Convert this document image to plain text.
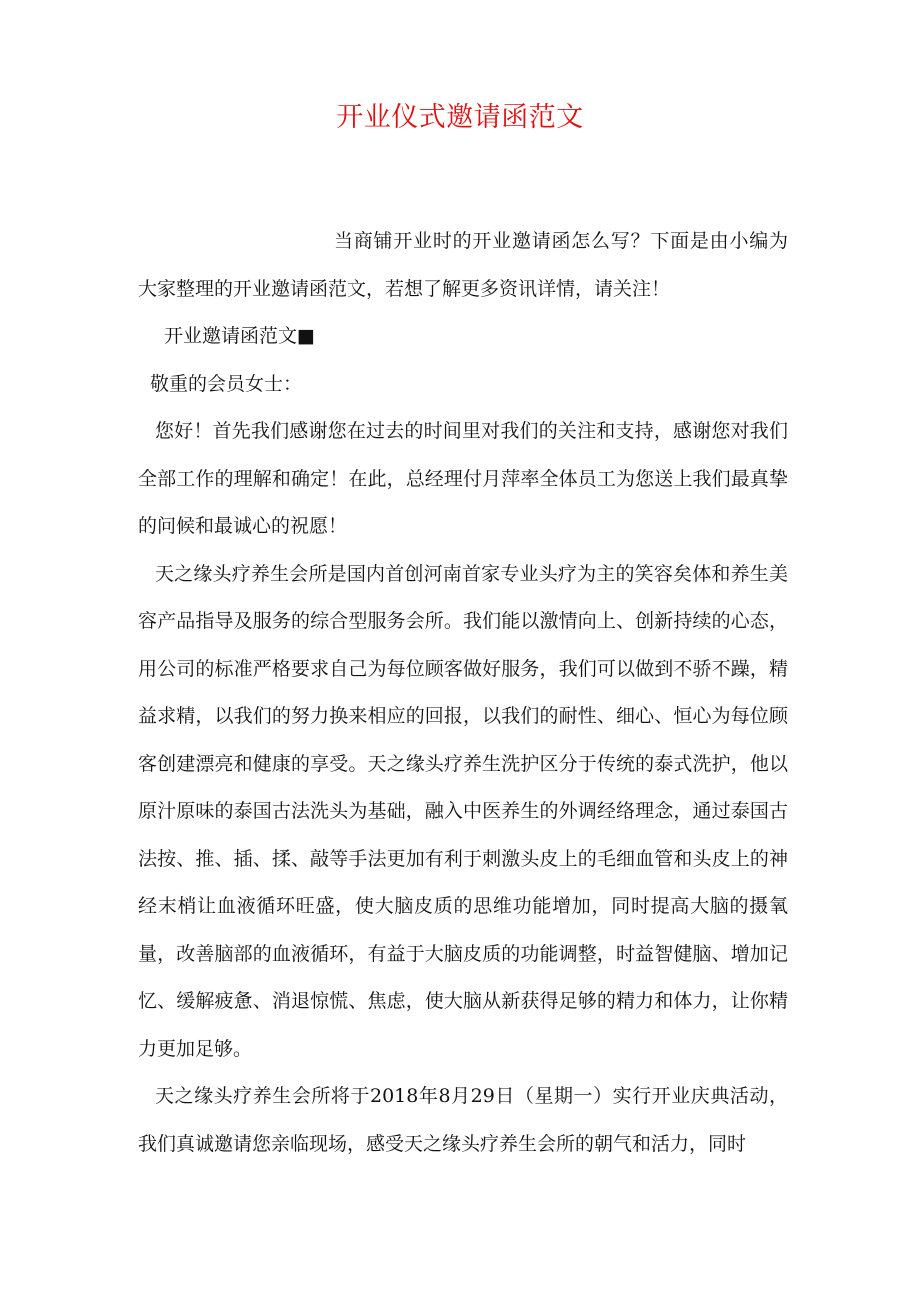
开业仪式邀请函范文

当商铺开业时的开业邀请函怎么写？下面是由小编为大家整理的开业邀请函范文，若想了解更多资讯详情，请关注！

开业邀请函范文■

敬重的会员女士：

您好！首先我们感谢您在过去的时间里对我们的关注和支持，感谢您对我们全部工作的理解和确定！在此，总经理付月萍率全体员工为您送上我们最真挚的问候和最诚心的祝愿！

天之缘头疗养生会所是国内首创河南首家专业头疗为主的笑容矣体和养生美容产品指导及服务的综合型服务会所。我们能以激情向上、创新持续的心态，用公司的标准严格要求自己为每位顾客做好服务，我们可以做到不骄不躁，精益求精，以我们的努力换来相应的回报，以我们的耐性、细心、恒心为每位顾客创建漂亮和健康的享受。天之缘头疗养生洗护区分于传统的泰式洗护，他以原汁原味的泰国古法洗头为基础，融入中医养生的外调经络理念，通过泰国古法按、推、插、揉、敲等手法更加有利于刺激头皮上的毛细血管和头皮上的神经末梢让血液循环旺盛，使大脑皮质的思维功能增加，同时提高大脑的摄氧量，改善脑部的血液循环，有益于大脑皮质的功能调整，时益智健脑、增加记忆、缓解疲惫、消退惊慌、焦虑，使大脑从新获得足够的精力和体力，让你精力更加足够。

天之缘头疗养生会所将于2018年8月29日（星期一）实行开业庆典活动，我们真诚邀请您亲临现场，感受天之缘头疗养生会所的朝气和活力，同时
